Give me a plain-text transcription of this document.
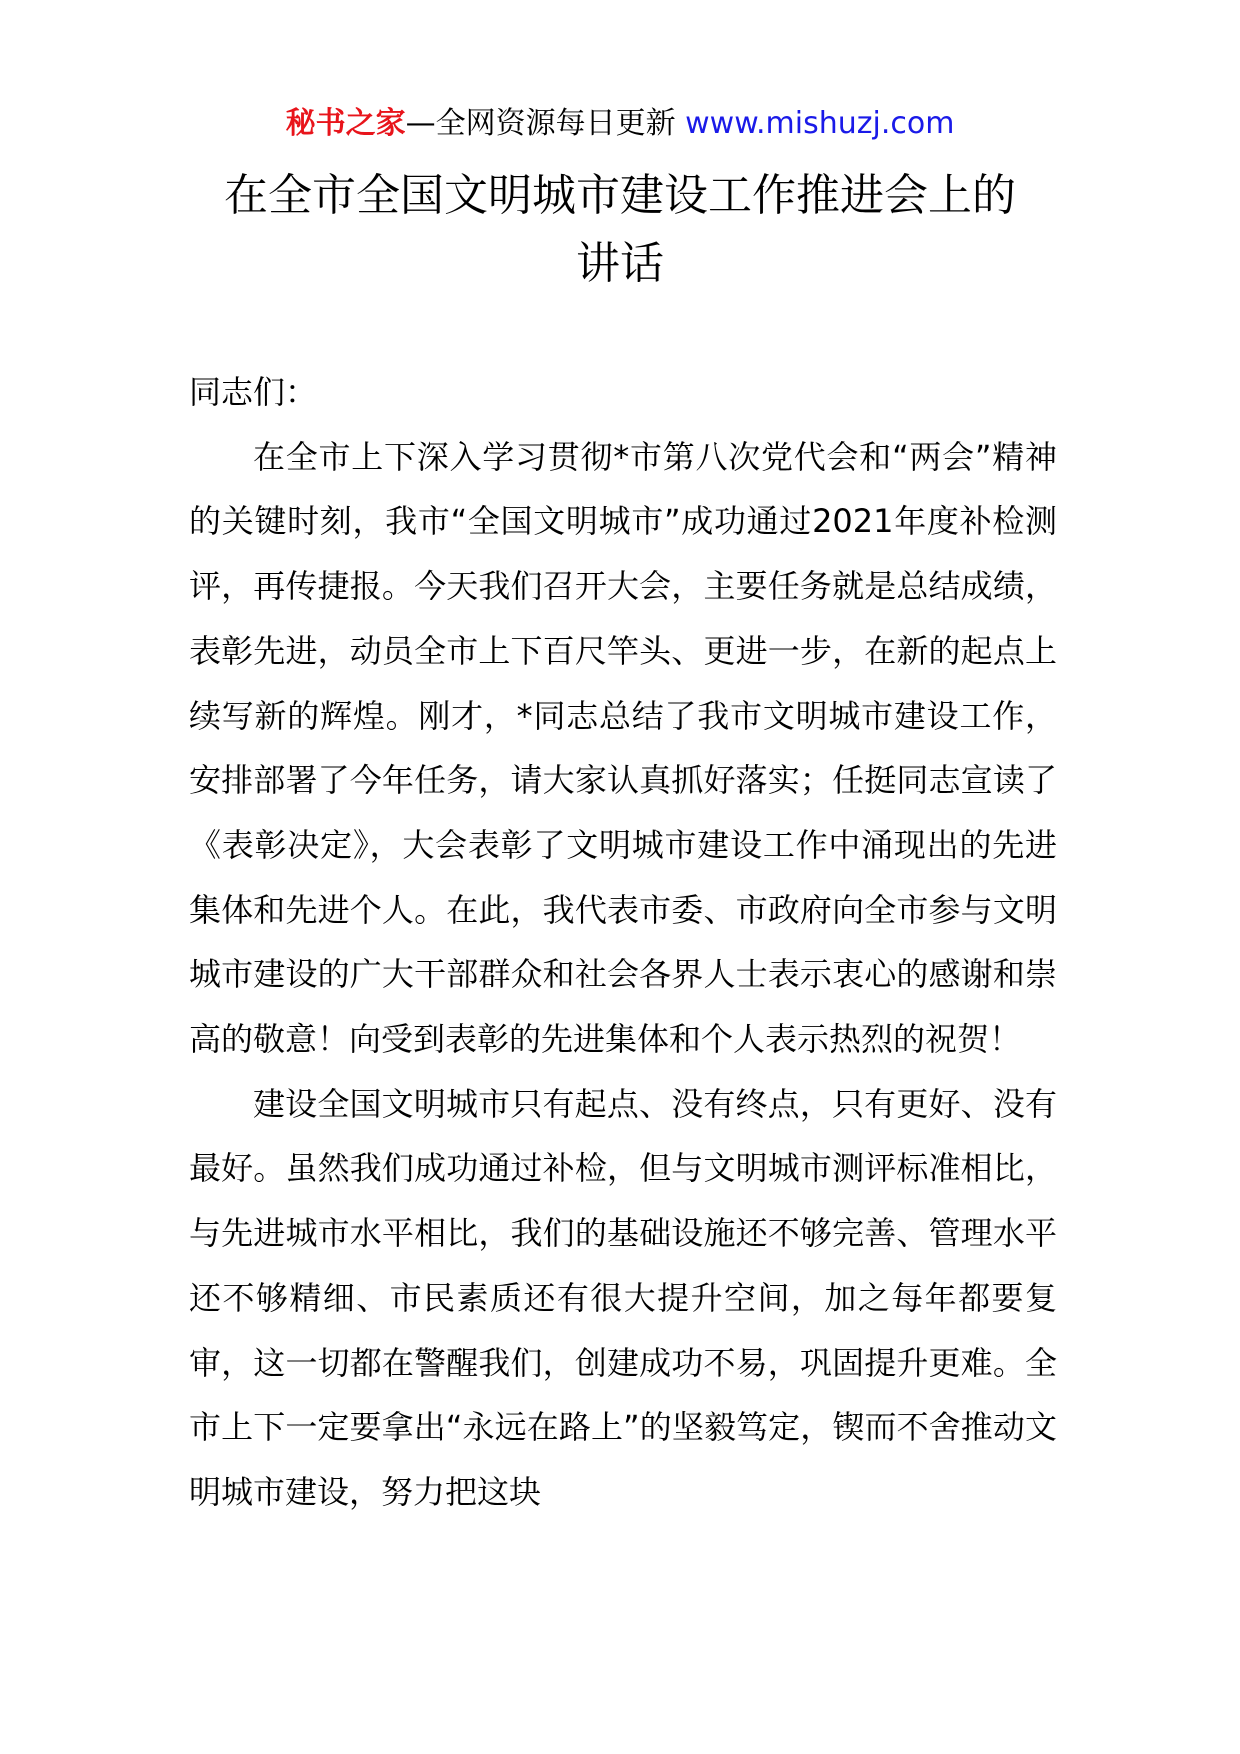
秘书之家—全网资源每日更新 www.mishuzj.com
在全市全国文明城市建设工作推进会上的
讲话

同志们：

在全市上下深入学习贯彻*市第八次党代会和“两会”精神的关键时刻，我市“全国文明城市”成功通过2021年度补检测评，再传捷报。今天我们召开大会，主要任务就是总结成绩，表彰先进，动员全市上下百尺竿头、更进一步，在新的起点上续写新的辉煌。刚才，*同志总结了我市文明城市建设工作，安排部署了今年任务，请大家认真抓好落实；任挺同志宣读了《表彰决定》，大会表彰了文明城市建设工作中涌现出的先进集体和先进个人。在此，我代表市委、市政府向全市参与文明城市建设的广大干部群众和社会各界人士表示衷心的感谢和崇高的敬意！向受到表彰的先进集体和个人表示热烈的祝贺！

建设全国文明城市只有起点、没有终点，只有更好、没有最好。虽然我们成功通过补检，但与文明城市测评标准相比，与先进城市水平相比，我们的基础设施还不够完善、管理水平还不够精细、市民素质还有很大提升空间，加之每年都要复审，这一切都在警醒我们，创建成功不易，巩固提升更难。全市上下一定要拿出“永远在路上”的坚毅笃定，锲而不舍推动文明城市建设，努力把这块
